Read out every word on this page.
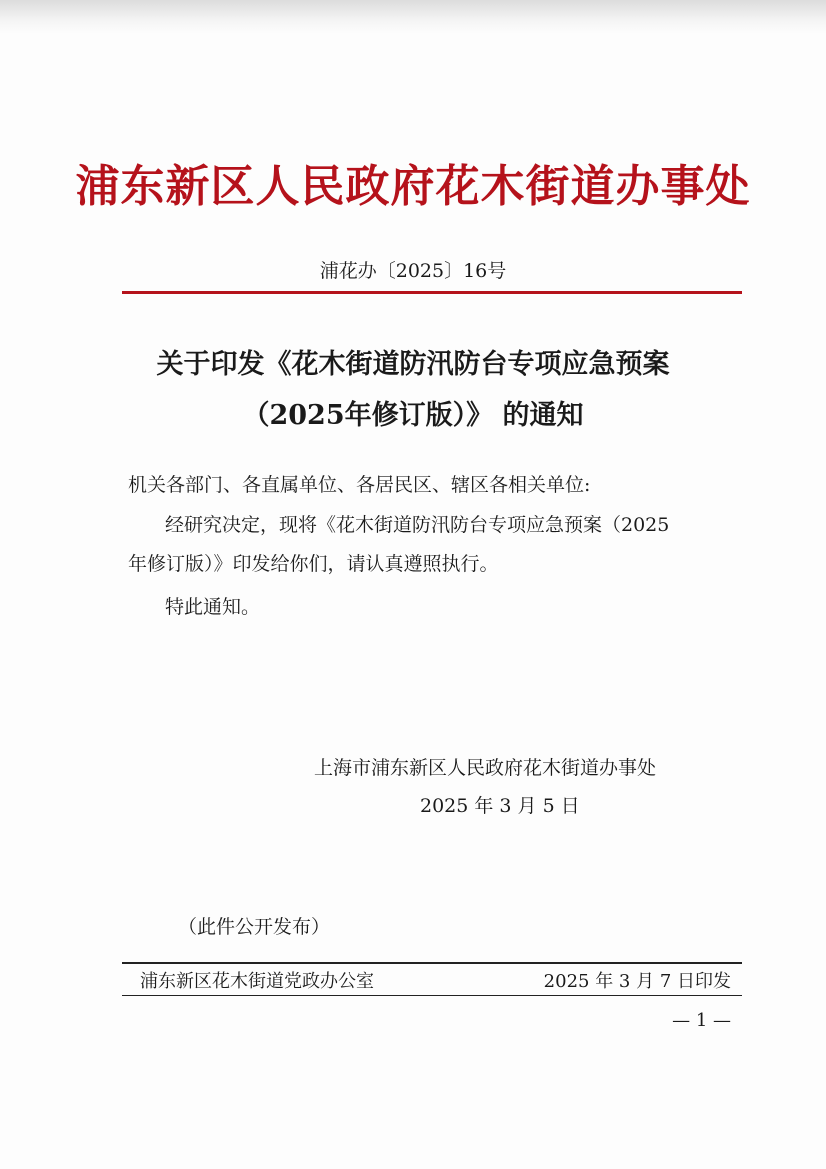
浦东新区人民政府花木街道办事处
浦花办〔2025〕16号
关于印发《花木街道防汛防台专项应急预案
（2025年修订版）》 的通知
机关各部门、各直属单位、各居民区、辖区各相关单位:
经研究决定，现将《花木街道防汛防台专项应急预案（2025
年修订版）》印发给你们，请认真遵照执行。
特此通知。
上海市浦东新区人民政府花木街道办事处
2025 年 3 月 5 日
（此件公开发布）
浦东新区花木街道党政办公室	2025 年 3 月 7 日印发
— 1 —
